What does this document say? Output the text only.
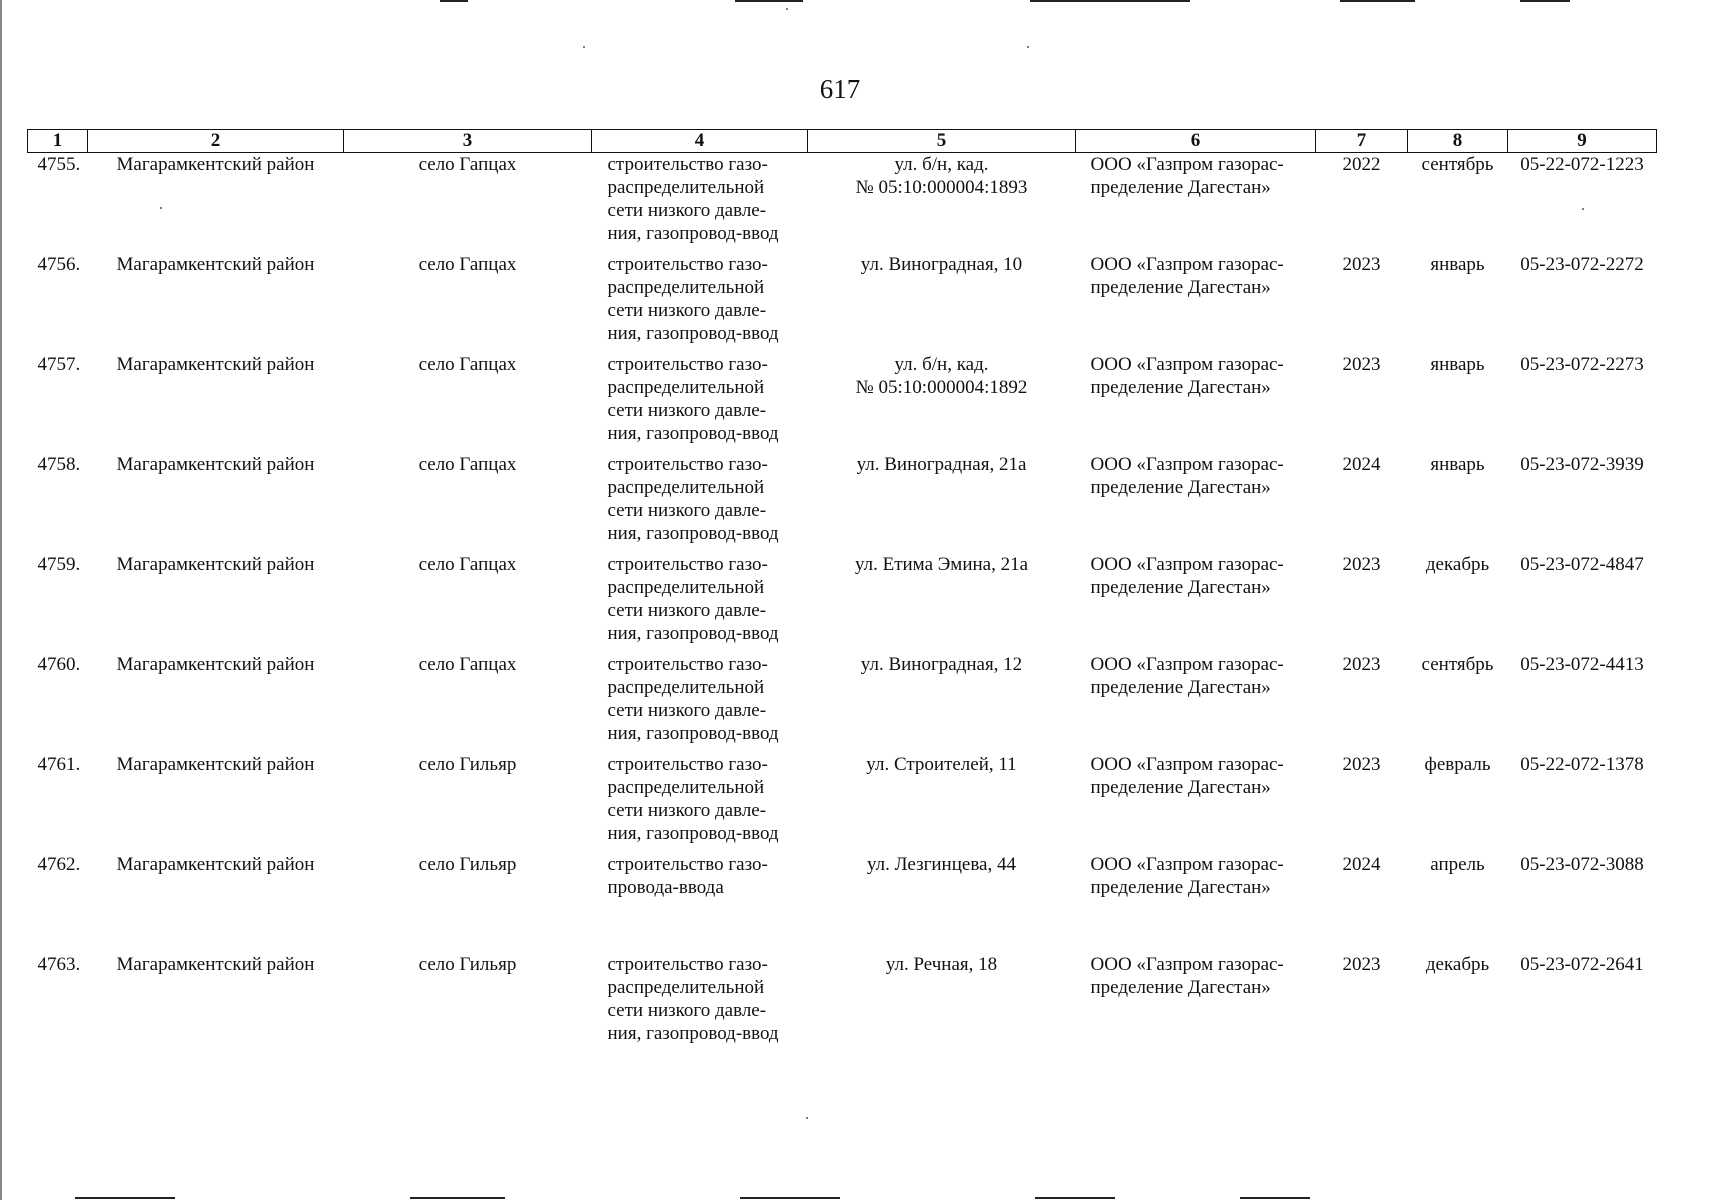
617
1	2	3	4	5	6	7	8	9
4755.	Магарамкентский район	село Гапцах	строительство газо-
распределительной
сети низкого давле-
ния, газопровод-ввод	ул. б/н, кад.
№ 05:10:000004:1893	ООО «Газпром газорас-
пределение Дагестан»	2022	сентябрь	05-22-072-1223
4756.	Магарамкентский район	село Гапцах	строительство газо-
распределительной
сети низкого давле-
ния, газопровод-ввод	ул. Виноградная, 10	ООО «Газпром газорас-
пределение Дагестан»	2023	январь	05-23-072-2272
4757.	Магарамкентский район	село Гапцах	строительство газо-
распределительной
сети низкого давле-
ния, газопровод-ввод	ул. б/н, кад.
№ 05:10:000004:1892	ООО «Газпром газорас-
пределение Дагестан»	2023	январь	05-23-072-2273
4758.	Магарамкентский район	село Гапцах	строительство газо-
распределительной
сети низкого давле-
ния, газопровод-ввод	ул. Виноградная, 21а	ООО «Газпром газорас-
пределение Дагестан»	2024	январь	05-23-072-3939
4759.	Магарамкентский район	село Гапцах	строительство газо-
распределительной
сети низкого давле-
ния, газопровод-ввод	ул. Етима Эмина, 21а	ООО «Газпром газорас-
пределение Дагестан»	2023	декабрь	05-23-072-4847
4760.	Магарамкентский район	село Гапцах	строительство газо-
распределительной
сети низкого давле-
ния, газопровод-ввод	ул. Виноградная, 12	ООО «Газпром газорас-
пределение Дагестан»	2023	сентябрь	05-23-072-4413
4761.	Магарамкентский район	село Гильяр	строительство газо-
распределительной
сети низкого давле-
ния, газопровод-ввод	ул. Строителей, 11	ООО «Газпром газорас-
пределение Дагестан»	2023	февраль	05-22-072-1378
4762.	Магарамкентский район	село Гильяр	строительство газо-
провода-ввода	ул. Лезгинцева, 44	ООО «Газпром газорас-
пределение Дагестан»	2024	апрель	05-23-072-3088
4763.	Магарамкентский район	село Гильяр	строительство газо-
распределительной
сети низкого давле-
ния, газопровод-ввод	ул. Речная, 18	ООО «Газпром газорас-
пределение Дагестан»	2023	декабрь	05-23-072-2641
